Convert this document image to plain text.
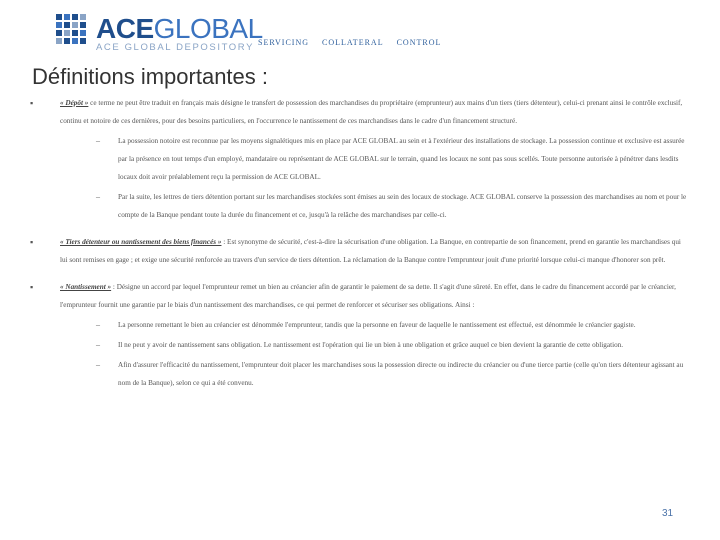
ACEGLOBAL
ACE GLOBAL DEPOSITORY SERVICING COLLATERAL CONTROL
Définitions importantes :
▪ « Dépôt » ce terme ne peut être traduit en français mais désigne le transfert de possession des marchandises du propriétaire (emprunteur) aux mains d'un tiers (tiers détenteur), celui-ci prenant ainsi le contrôle exclusif, continu et notoire de ces dernières, pour des besoins particuliers, en l'occurrence le nantissement de ces marchandises dans le cadre d'un financement structuré.
– La possession notoire est reconnue par les moyens signalétiques mis en place par ACE GLOBAL au sein et à l'extérieur des installations de stockage. La possession continue et exclusive est assurée par la présence en tout temps d'un employé, mandataire ou représentant de ACE GLOBAL sur le terrain, quand les locaux ne sont pas sous scellés. Toute personne autorisée à pénétrer dans lesdits locaux doit avoir préalablement reçu la permission de ACE GLOBAL.
– Par la suite, les lettres de tiers détention portant sur les marchandises stockées sont émises au sein des locaux de stockage. ACE GLOBAL conserve la possession des marchandises au nom et pour le compte de la Banque pendant toute la durée du financement et ce, jusqu'à la relâche des marchandises par celle-ci.
▪ « Tiers détenteur ou nantissement des biens financés » : Est synonyme de sécurité, c'est-à-dire la sécurisation d'une obligation. La Banque, en contrepartie de son financement, prend en garantie les marchandises qui lui sont remises en gage ; et exige une sécurité renforcée au travers d'un service de tiers détention. La réclamation de la Banque contre l'emprunteur jouit d'une priorité lorsque celui-ci manque d'honorer son prêt.
▪ « Nantissement » : Désigne un accord par lequel l'emprunteur remet un bien au créancier afin de garantir le paiement de sa dette. Il s'agit d'une sûreté. En effet, dans le cadre du financement accordé par le créancier, l'emprunteur fournit une garantie par le biais d'un nantissement des marchandises, ce qui permet de renforcer et sécuriser ses obligations. Ainsi :
– La personne remettant le bien au créancier est dénommée l'emprunteur, tandis que la personne en faveur de laquelle le nantissement est effectué, est dénommée le créancier gagiste.
– Il ne peut y avoir de nantissement sans obligation. Le nantissement est l'opération qui lie un bien à une obligation et grâce auquel ce bien devient la garantie de cette obligation.
– Afin d'assurer l'efficacité du nantissement, l'emprunteur doit placer les marchandises sous la possession directe ou indirecte du créancier ou d'une tierce partie (celle qu'on tiers détenteur agissant au nom de la Banque), selon ce qui a été convenu.
31
